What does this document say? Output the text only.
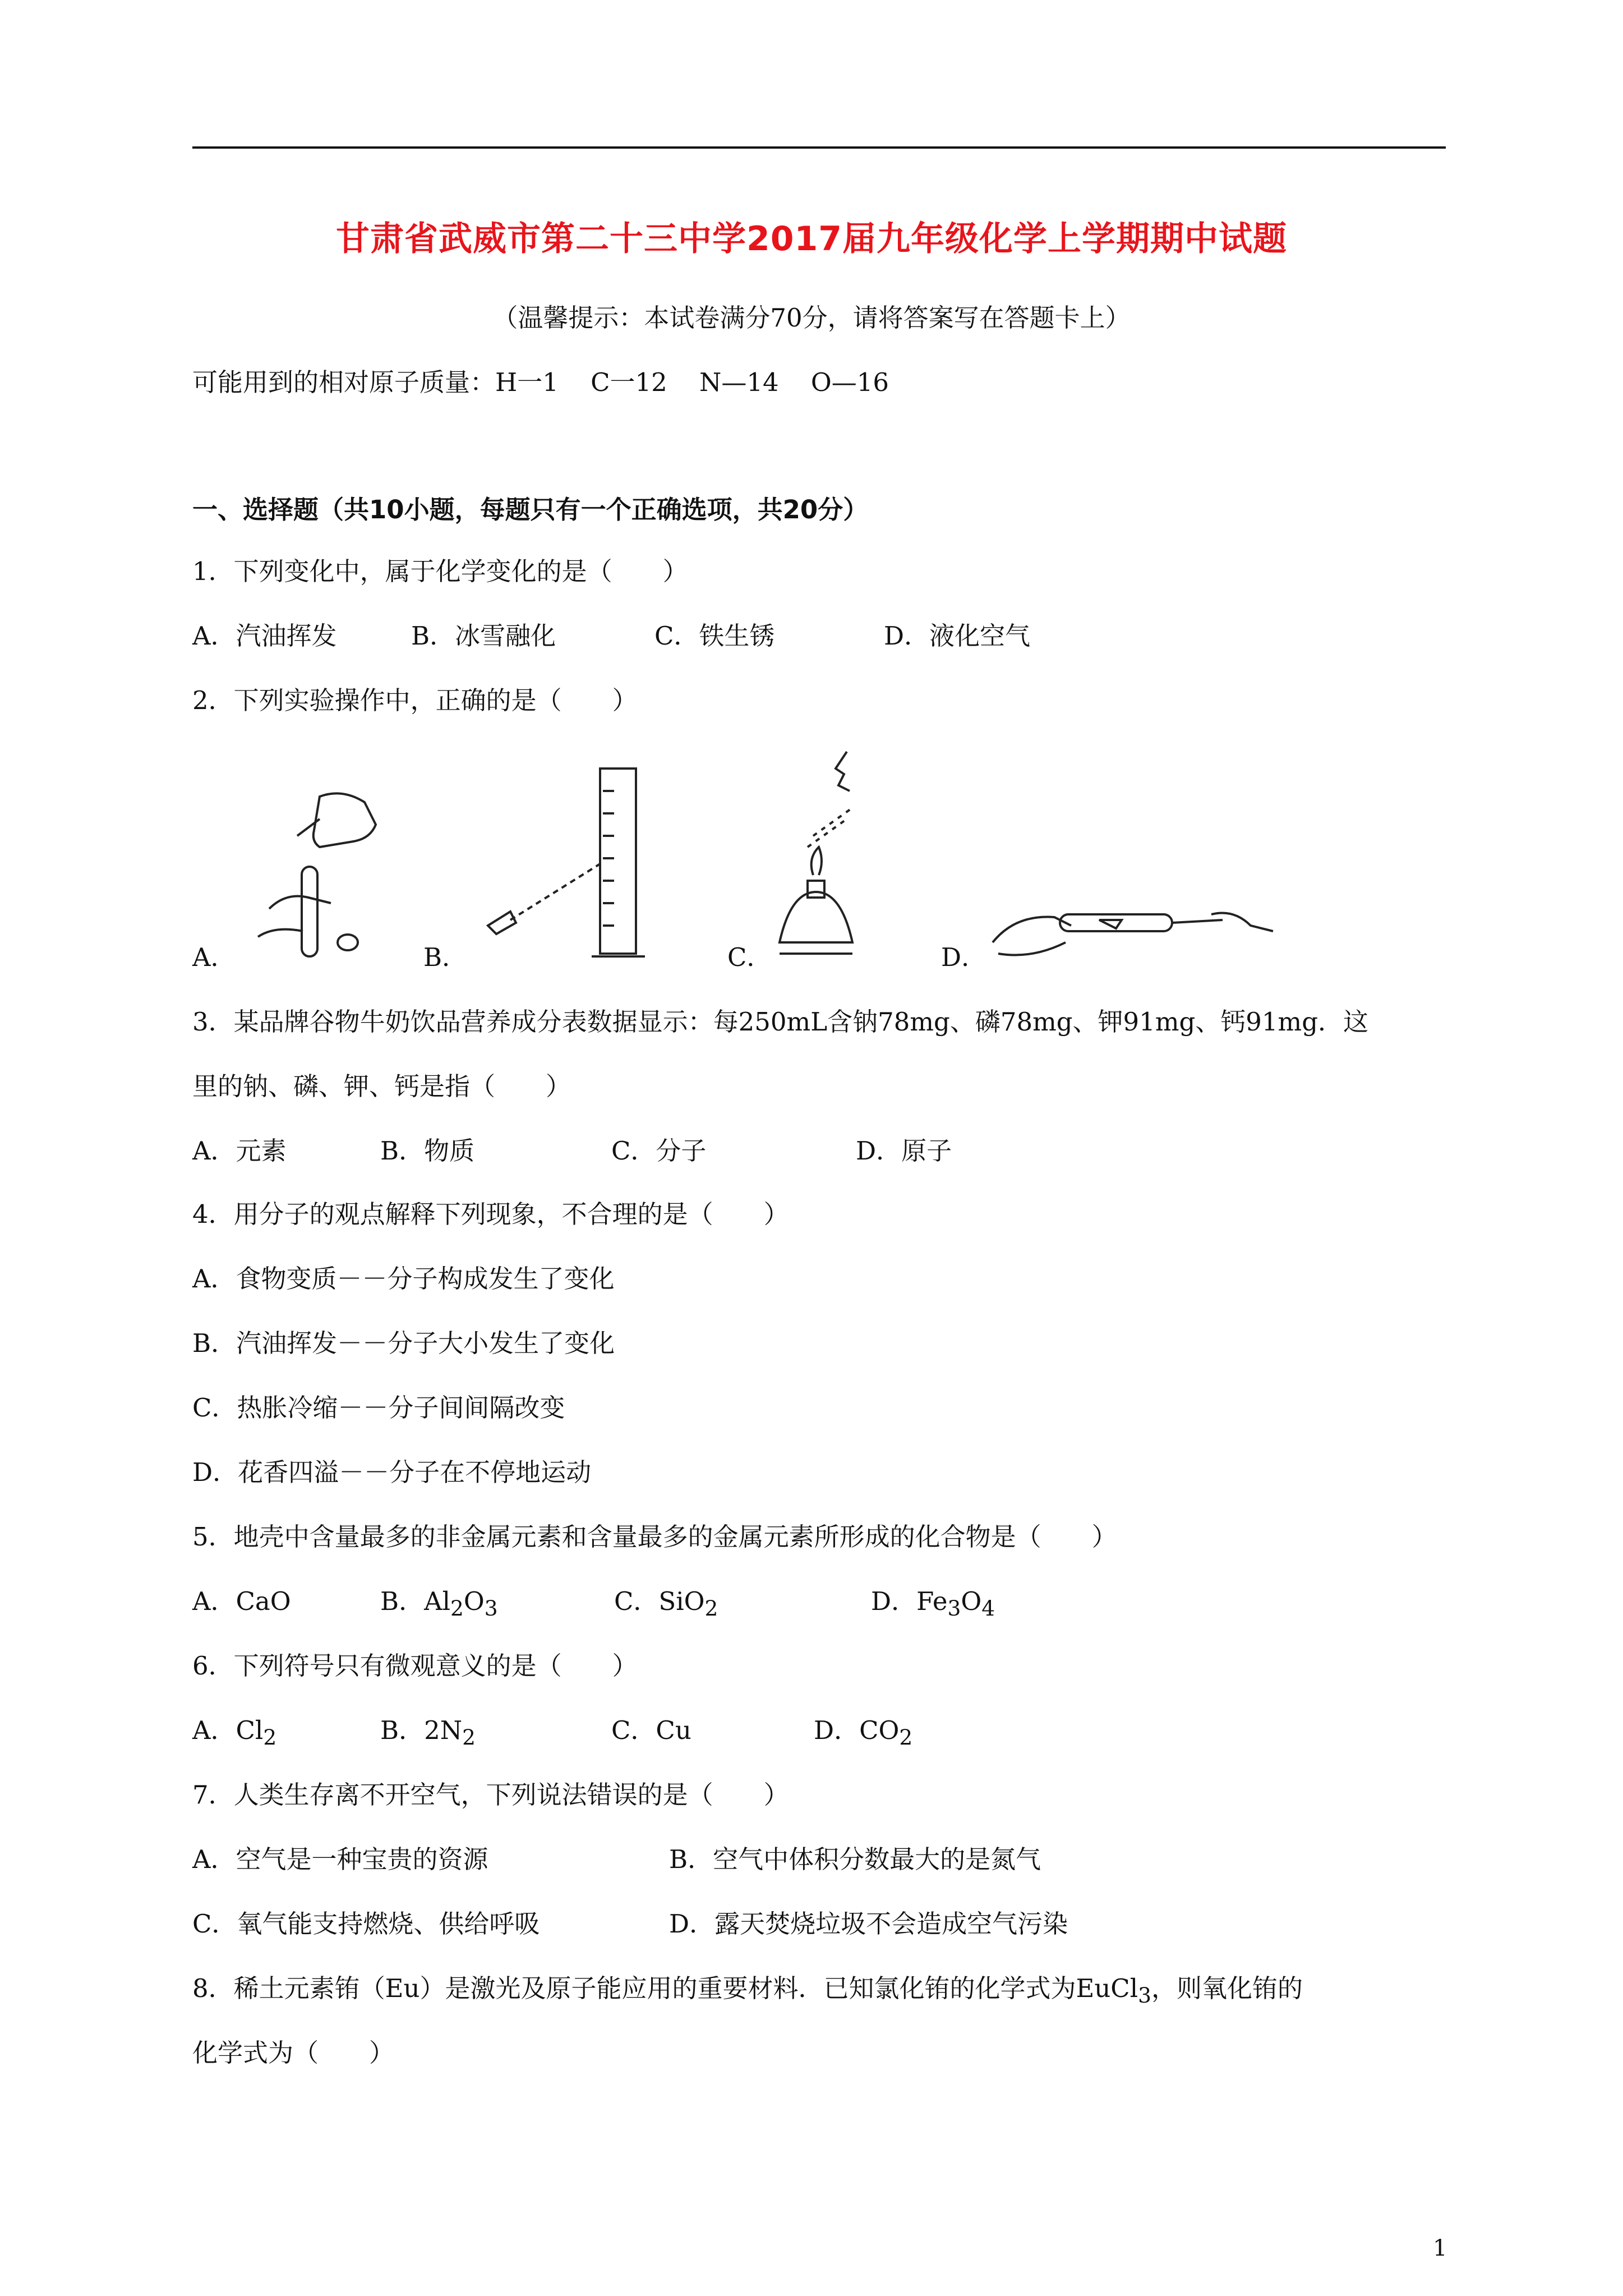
甘肃省武威市第二十三中学2017届九年级化学上学期期中试题
（温馨提示：本试卷满分70分，请将答案写在答题卡上）
可能用到的相对原子质量：H一1    C一12    N—14    O—16
一、选择题（共10小题，每题只有一个正确选项，共20分）
1．下列变化中，属于化学变化的是（　　）
A．汽油挥发	B．冰雪融化	C．铁生锈	D．液化空气
2．下列实验操作中，正确的是（　　）
A．	B．	C．	D．
3．某品牌谷物牛奶饮品营养成分表数据显示：每250mL含钠78mg、磷78mg、钾91mg、钙91mg．这
里的钠、磷、钾、钙是指（　　）
A．元素	B．物质	C．分子	D．原子
4．用分子的观点解释下列现象，不合理的是（　　）
A．食物变质－－分子构成发生了变化
B．汽油挥发－－分子大小发生了变化
C．热胀冷缩－－分子间间隔改变
D．花香四溢－－分子在不停地运动
5．地壳中含量最多的非金属元素和含量最多的金属元素所形成的化合物是（　　）
A．CaO	B．$Al_2O_3$	C．SiO$_2$	D．$Fe_3O_4$
6．下列符号只有微观意义的是（　　）
A．$Cl_2$	B．$2N_2$	C．Cu	D．$CO_2$
7．人类生存离不开空气，下列说法错误的是（　　）
A．空气是一种宝贵的资源	B．空气中体积分数最大的是氮气
C．氧气能支持燃烧、供给呼吸	D．露天焚烧垃圾不会造成空气污染
8．稀土元素铕（Eu）是激光及原子能应用的重要材料．已知氯化铕的化学式为EuCl$_3$，则氧化铕的
化学式为（　　）
1
